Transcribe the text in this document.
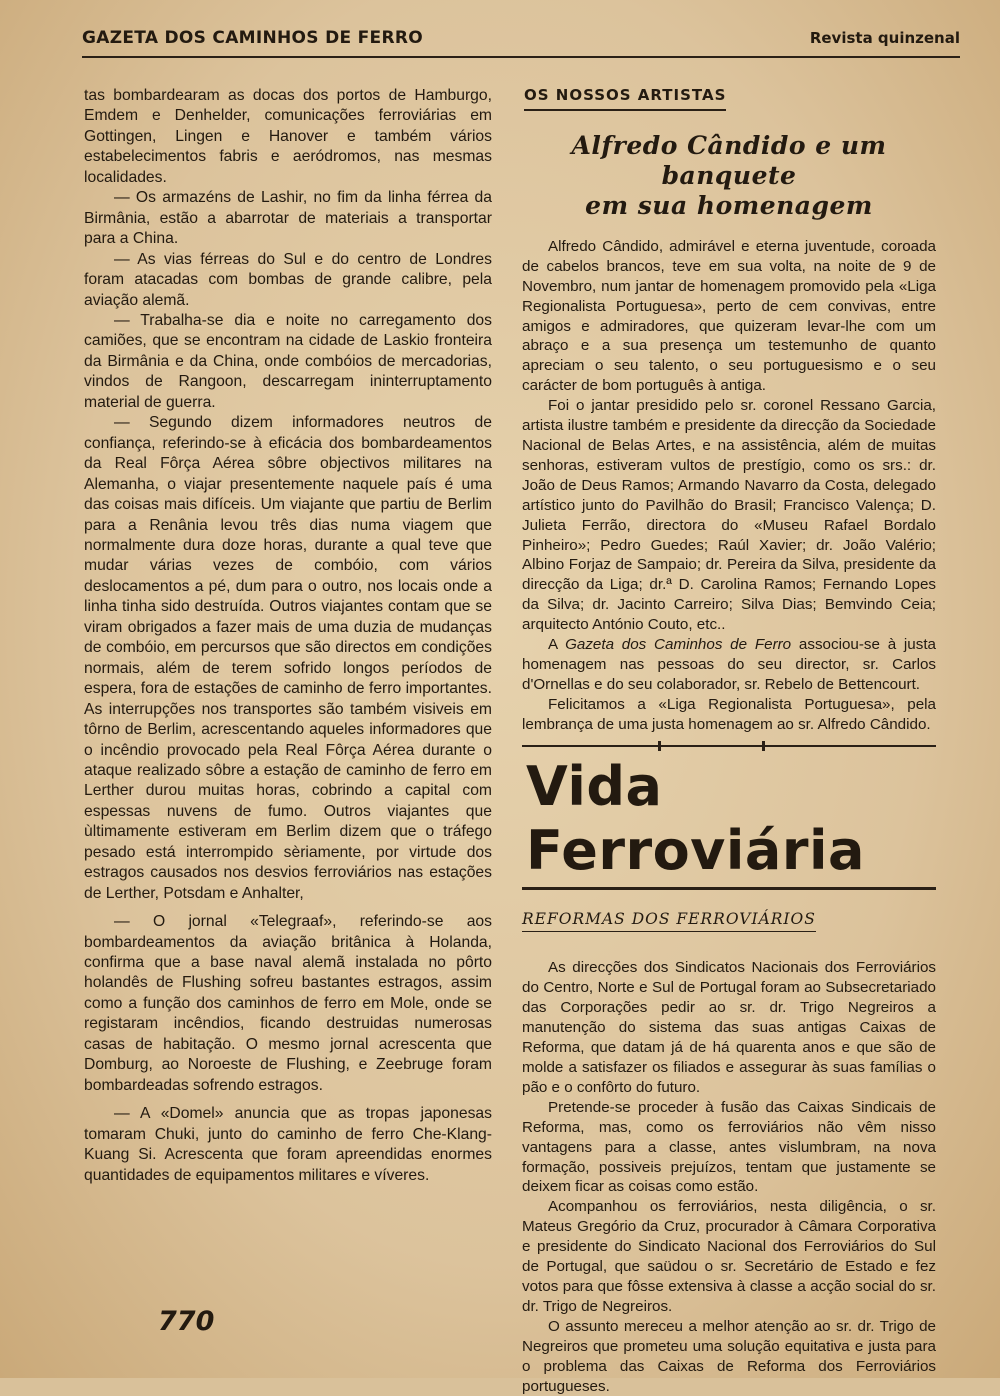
GAZETA DOS CAMINHOS DE FERRO	Revista quinzenal

tas bombardearam as docas dos portos de Hamburgo, Emdem e Denhelder, comunicações ferroviárias em Gottingen, Lingen e Hanover e também vários estabelecimentos fabris e aeródromos, nas mesmas localidades.

— Os armazéns de Lashir, no fim da linha férrea da Birmânia, estão a abarrotar de materiais a transportar para a China.

— As vias férreas do Sul e do centro de Londres foram atacadas com bombas de grande calibre, pela aviação alemã.

— Trabalha-se dia e noite no carregamento dos camiões, que se encontram na cidade de Laskio fronteira da Birmânia e da China, onde combóios de mercadorias, vindos de Rangoon, descarregam ininterruptamento material de guerra.

— Segundo dizem informadores neutros de confiança, referindo-se à eficácia dos bombardeamentos da Real Fôrça Aérea sôbre objectivos militares na Alemanha, o viajar presentemente naquele país é uma das coisas mais difíceis. Um viajante que partiu de Berlim para a Renânia levou três dias numa viagem que normalmente dura doze horas, durante a qual teve que mudar várias vezes de combóio, com vários deslocamentos a pé, dum para o outro, nos locais onde a linha tinha sido destruída. Outros viajantes contam que se viram obrigados a fazer mais de uma duzia de mudanças de combóio, em percursos que são directos em condições normais, além de terem sofrido longos períodos de espera, fora de estações de caminho de ferro importantes. As interrupções nos transportes são também visiveis em tôrno de Berlim, acrescentando aqueles informadores que o incêndio provocado pela Real Fôrça Aérea durante o ataque realizado sôbre a estação de caminho de ferro em Lerther durou muitas horas, cobrindo a capital com espessas nuvens de fumo. Outros viajantes que ùltimamente estiveram em Berlim dizem que o tráfego pesado está interrompido sèriamente, por virtude dos estragos causados nos desvios ferroviários nas estações de Lerther, Potsdam e Anhalter,

— O jornal «Telegraaf», referindo-se aos bombardeamentos da aviação britânica à Holanda, confirma que a base naval alemã instalada no pôrto holandês de Flushing sofreu bastantes estragos, assim como a função dos caminhos de ferro em Mole, onde se registaram incêndios, ficando destruidas numerosas casas de habitação. O mesmo jornal acrescenta que Domburg, ao Noroeste de Flushing, e Zeebruge foram bombardeadas sofrendo estragos.

— A «Domel» anuncia que as tropas japonesas tomaram Chuki, junto do caminho de ferro Che-Klang-Kuang Si. Acrescenta que foram apreendidas enormes quantidades de equipamentos militares e víveres.

OS NOSSOS ARTISTAS
Alfredo Cândido e um banquete
em sua homenagem

Alfredo Cândido, admirável e eterna juventude, coroada de cabelos brancos, teve em sua volta, na noite de 9 de Novembro, num jantar de homenagem promovido pela «Liga Regionalista Portuguesa», perto de cem convivas, entre amigos e admiradores, que quizeram levar-lhe com um abraço e a sua presença um testemunho de quanto apreciam o seu talento, o seu portuguesismo e o seu carácter de bom português à antiga.

Foi o jantar presidido pelo sr. coronel Ressano Garcia, artista ilustre também e presidente da direcção da Sociedade Nacional de Belas Artes, e na assistência, além de muitas senhoras, estiveram vultos de prestígio, como os srs.: dr. João de Deus Ramos; Armando Navarro da Costa, delegado artístico junto do Pavilhão do Brasil; Francisco Valença; D. Julieta Ferrão, directora do «Museu Rafael Bordalo Pinheiro»; Pedro Guedes; Raúl Xavier; dr. João Valério; Albino Forjaz de Sampaio; dr. Pereira da Silva, presidente da direcção da Liga; dr.ª D. Carolina Ramos; Fernando Lopes da Silva; dr. Jacinto Carreiro; Silva Dias; Bemvindo Ceia; arquitecto António Couto, etc..

A Gazeta dos Caminhos de Ferro associou-se à justa homenagem nas pessoas do seu director, sr. Carlos d'Ornellas e do seu colaborador, sr. Rebelo de Bettencourt.

Felicitamos a «Liga Regionalista Portuguesa», pela lembrança de uma justa homenagem ao sr. Alfredo Cândido.

Vida Ferroviária
REFORMAS DOS FERROVIÁRIOS

As direcções dos Sindicatos Nacionais dos Ferroviários do Centro, Norte e Sul de Portugal foram ao Subsecretariado das Corporações pedir ao sr. dr. Trigo Negreiros a manutenção do sistema das suas antigas Caixas de Reforma, que datam já de há quarenta anos e que são de molde a satisfazer os filiados e assegurar às suas famílias o pão e o confôrto do futuro.

Pretende-se proceder à fusão das Caixas Sindicais de Reforma, mas, como os ferroviários não vêm nisso vantagens para a classe, antes vislumbram, na nova formação, possiveis prejuízos, tentam que justamente se deixem ficar as coisas como estão.

Acompanhou os ferroviários, nesta diligência, o sr. Mateus Gregório da Cruz, procurador à Câmara Corporativa e presidente do Sindicato Nacional dos Ferroviários do Sul de Portugal, que saüdou o sr. Secretário de Estado e fez votos para que fôsse extensiva à classe a acção social do sr. dr. Trigo de Negreiros.

O assunto mereceu a melhor atenção ao sr. dr. Trigo de Negreiros que prometeu uma solução equitativa e justa para o problema das Caixas de Reforma dos Ferroviários portugueses.

770
